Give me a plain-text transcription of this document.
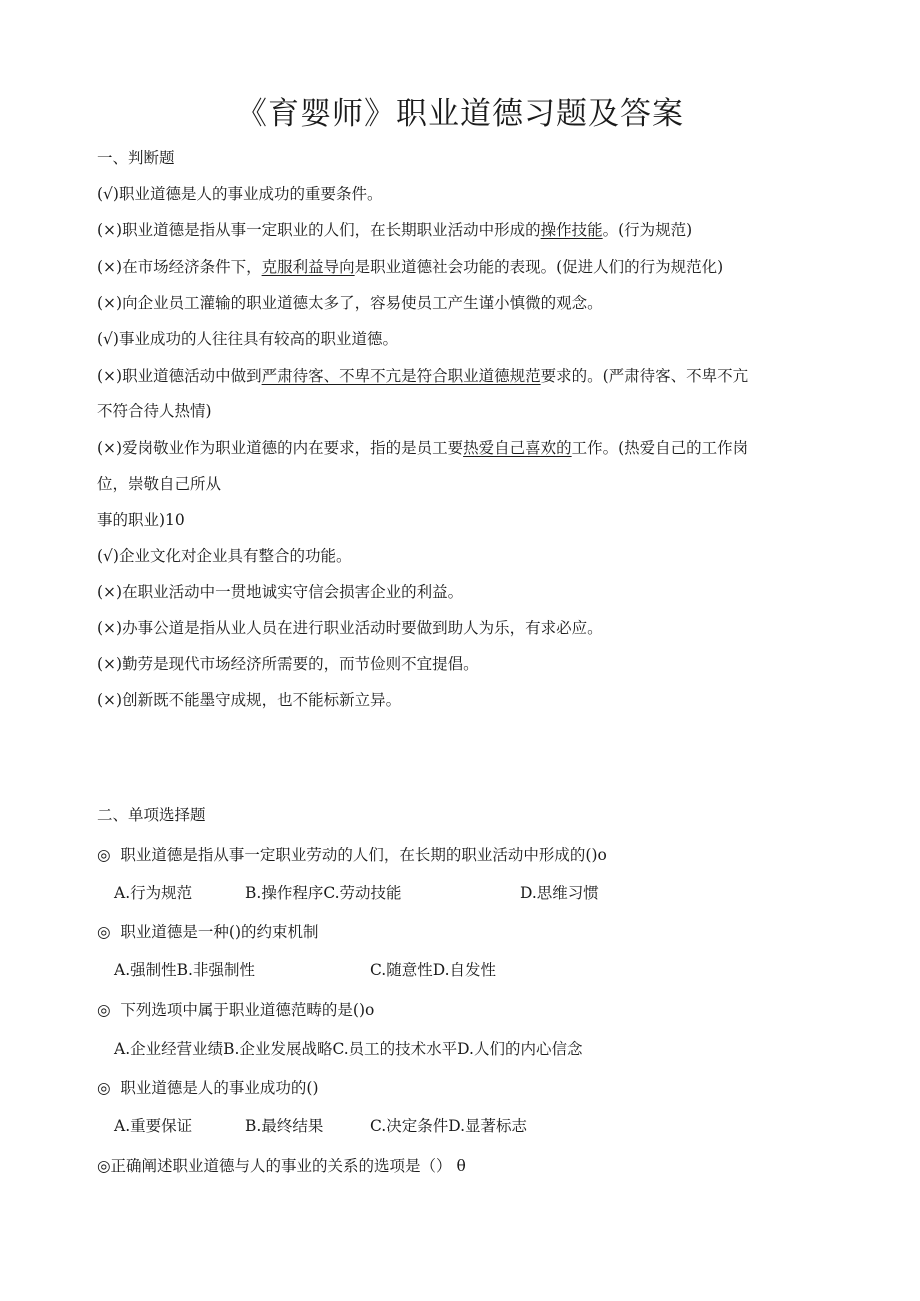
《育婴师》职业道德习题及答案
一、判断题
(√)职业道德是人的事业成功的重要条件。
(×)职业道德是指从事一定职业的人们，在长期职业活动中形成的操作技能。(行为规范)
(×)在市场经济条件下，克服利益导向是职业道德社会功能的表现。(促进人们的行为规范化)
(×)向企业员工灌输的职业道德太多了，容易使员工产生谨小慎微的观念。
(√)事业成功的人往往具有较高的职业道德。
(×)职业道德活动中做到严肃待客、不卑不亢是符合职业道德规范要求的。(严肃待客、不卑不亢
不符合待人热情)
(×)爱岗敬业作为职业道德的内在要求，指的是员工要热爱自己喜欢的工作。(热爱自己的工作岗
位，崇敬自己所从
事的职业)10
(√)企业文化对企业具有整合的功能。
(×)在职业活动中一贯地诚实守信会损害企业的利益。
(×)办事公道是指从业人员在进行职业活动时要做到助人为乐，有求必应。
(×)勤劳是现代市场经济所需要的，而节俭则不宜提倡。
(×)创新既不能墨守成规，也不能标新立异。
二、单项选择题
◎ 职业道德是指从事一定职业劳动的人们，在长期的职业活动中形成的()o
A.行为规范	B.操作程序C.劳动技能	D.思维习惯
◎ 职业道德是一种()的约束机制
A.强制性B.非强制性	C.随意性D.自发性
◎ 下列选项中属于职业道德范畴的是()o
A.企业经营业绩B.企业发展战略C.员工的技术水平D.人们的内心信念
◎ 职业道德是人的事业成功的()
A.重要保证	B.最终结果	C.决定条件D.显著标志
◎正确阐述职业道德与人的事业的关系的选项是（） θ
